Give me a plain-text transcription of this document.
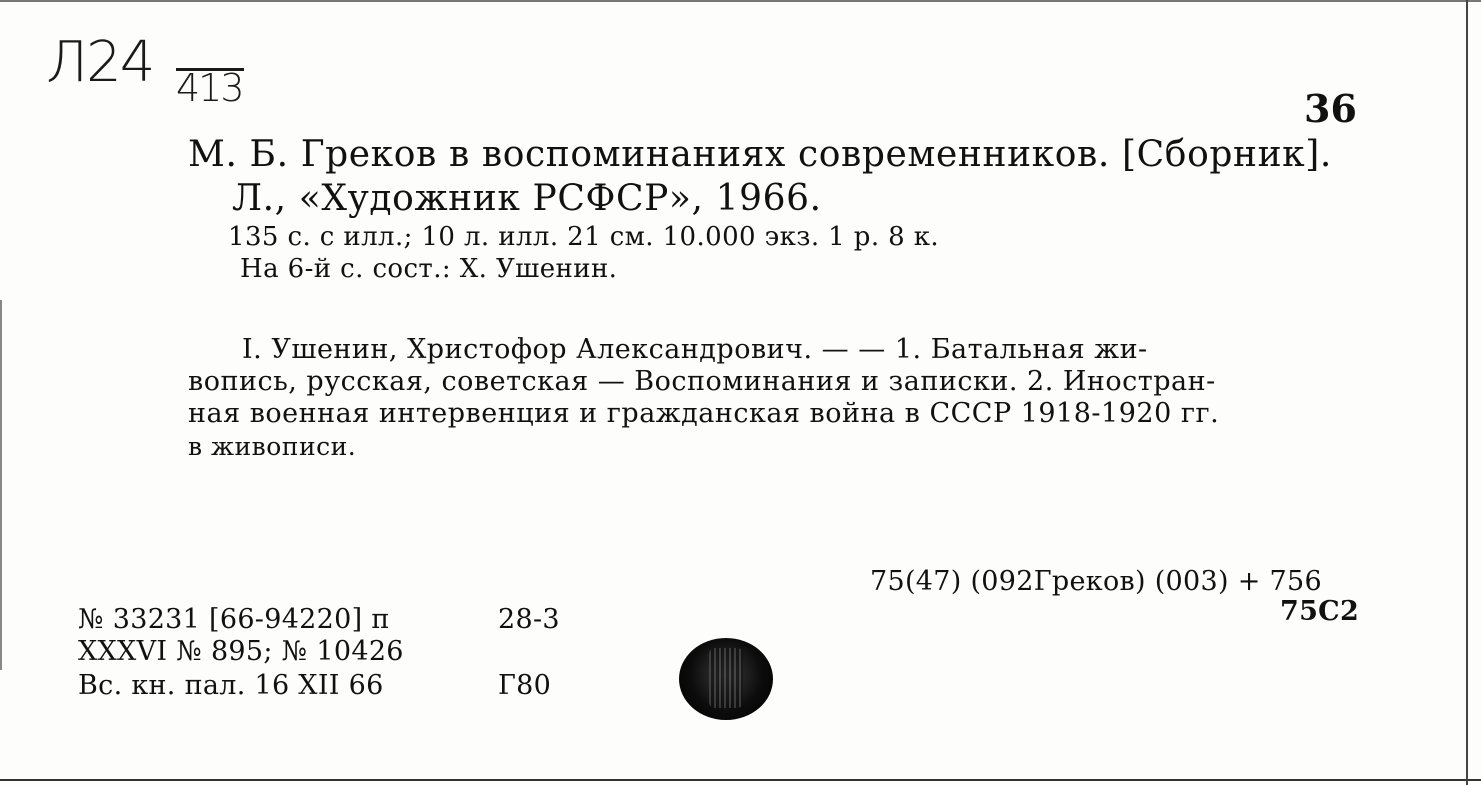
Л24 413	36
М. Б. Греков в воспоминаниях современников. [Сборник].
Л., «Художник РСФСР», 1966.
135 с. с илл.; 10 л. илл. 21 см. 10.000 экз. 1 р. 8 к.
На 6-й с. сост.: Х. Ушенин.
I. Ушенин, Христофор Александрович. — — 1. Батальная жи-
вопись, русская, советская — Воспоминания и записки. 2. Иностран-
ная военная интервенция и гражданская война в СССР 1918-1920 гг.
в живописи.
75(47) (092Греков) (003) + 756
75С2
№ 33231 [66-94220] п	28-3
XXXVI № 895; № 10426
Вс. кн. пал. 16 XII 66	Г80
